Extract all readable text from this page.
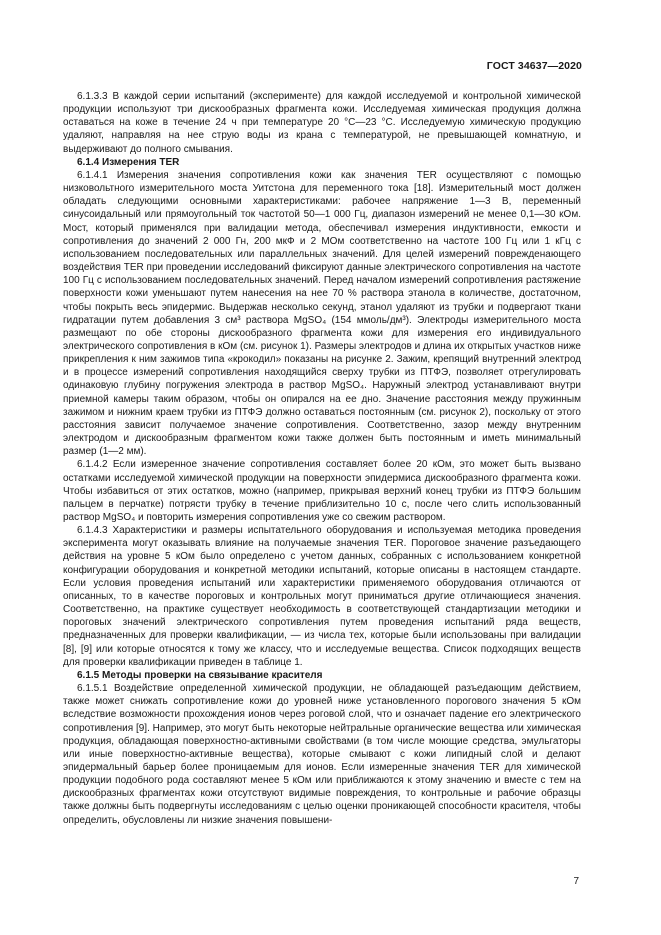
ГОСТ 34637—2020

6.1.3.3 В каждой серии испытаний (эксперименте) для каждой исследуемой и контрольной химической продукции используют три дискообразных фрагмента кожи. Исследуемая химическая продукция должна оставаться на коже в течение 24 ч при температуре 20 °С—23 °С. Исследуемую химическую продукцию удаляют, направляя на нее струю воды из крана с температурой, не превышающей комнатную, и выдерживают до полного смывания.

6.1.4 Измерения TER

6.1.4.1 Измерения значения сопротивления кожи как значения TER осуществляют с помощью низковольтного измерительного моста Уитстона для переменного тока [18]. Измерительный мост должен обладать следующими основными характеристиками: рабочее напряжение 1—3 В, переменный синусоидальный или прямоугольный ток частотой 50—1 000 Гц, диапазон измерений не менее 0,1—30 кОм. Мост, который применялся при валидации метода, обеспечивал измерения индуктивности, емкости и сопротивления до значений 2 000 Гн, 200 мкФ и 2 МОм соответственно на частоте 100 Гц или 1 кГц с использованием последовательных или параллельных значений. Для целей измерений поврежденающего воздействия TER при проведении исследований фиксируют данные электрического сопротивления на частоте 100 Гц с использованием последовательных значений. Перед началом измерений сопротивления растяжение поверхности кожи уменьшают путем нанесения на нее 70 % раствора этанола в количестве, достаточном, чтобы покрыть весь эпидермис. Выдержав несколько секунд, этанол удаляют из трубки и подвергают ткани гидратации путем добавления 3 см³ раствора MgSO₄ (154 ммоль/дм³). Электроды измерительного моста размещают по обе стороны дискообразного фрагмента кожи для измерения его индивидуального электрического сопротивления в кОм (см. рисунок 1). Размеры электродов и длина их открытых участков ниже прикрепления к ним зажимов типа «крокодил» показаны на рисунке 2. Зажим, крепящий внутренний электрод и в процессе измерений сопротивления находящийся сверху трубки из ПТФЭ, позволяет отрегулировать одинаковую глубину погружения электрода в раствор MgSO₄. Наружный электрод устанавливают внутри приемной камеры таким образом, чтобы он опирался на ее дно. Значение расстояния между пружинным зажимом и нижним краем трубки из ПТФЭ должно оставаться постоянным (см. рисунок 2), поскольку от этого расстояния зависит получаемое значение сопротивления. Соответственно, зазор между внутренним электродом и дискообразным фрагментом кожи также должен быть постоянным и иметь минимальный размер (1—2 мм).

6.1.4.2 Если измеренное значение сопротивления составляет более 20 кОм, это может быть вызвано остатками исследуемой химической продукции на поверхности эпидермиса дискообразного фрагмента кожи. Чтобы избавиться от этих остатков, можно (например, прикрывая верхний конец трубки из ПТФЭ большим пальцем в перчатке) потрясти трубку в течение приблизительно 10 с, после чего слить использованный раствор MgSO₄ и повторить измерения сопротивления уже со свежим раствором.

6.1.4.3 Характеристики и размеры испытательного оборудования и используемая методика проведения эксперимента могут оказывать влияние на получаемые значения TER. Пороговое значение разъедающего действия на уровне 5 кОм было определено с учетом данных, собранных с использованием конкретной конфигурации оборудования и конкретной методики испытаний, которые описаны в настоящем стандарте. Если условия проведения испытаний или характеристики применяемого оборудования отличаются от описанных, то в качестве пороговых и контрольных могут приниматься другие отличающиеся значения. Соответственно, на практике существует необходимость в соответствующей стандартизации методики и пороговых значений электрического сопротивления путем проведения испытаний ряда веществ, предназначенных для проверки квалификации, — из числа тех, которые были использованы при валидации [8], [9] или которые относятся к тому же классу, что и исследуемые вещества. Список подходящих веществ для проверки квалификации приведен в таблице 1.

6.1.5 Методы проверки на связывание красителя

6.1.5.1 Воздействие определенной химической продукции, не обладающей разъедающим действием, также может снижать сопротивление кожи до уровней ниже установленного порогового значения 5 кОм вследствие возможности прохождения ионов через роговой слой, что и означает падение его электрического сопротивления [9]. Например, это могут быть некоторые нейтральные органические вещества или химическая продукция, обладающая поверхностно-активными свойствами (в том числе моющие средства, эмульгаторы или иные поверхностно-активные вещества), которые смывают с кожи липидный слой и делают эпидермальный барьер более проницаемым для ионов. Если измеренные значения TER для химической продукции подобного рода составляют менее 5 кОм или приближаются к этому значению и вместе с тем на дискообразных фрагментах кожи отсутствуют видимые повреждения, то контрольные и рабочие образцы также должны быть подвергнуты исследованиям с целью оценки проникающей способности красителя, чтобы определить, обусловлены ли низкие значения повышени-

7
